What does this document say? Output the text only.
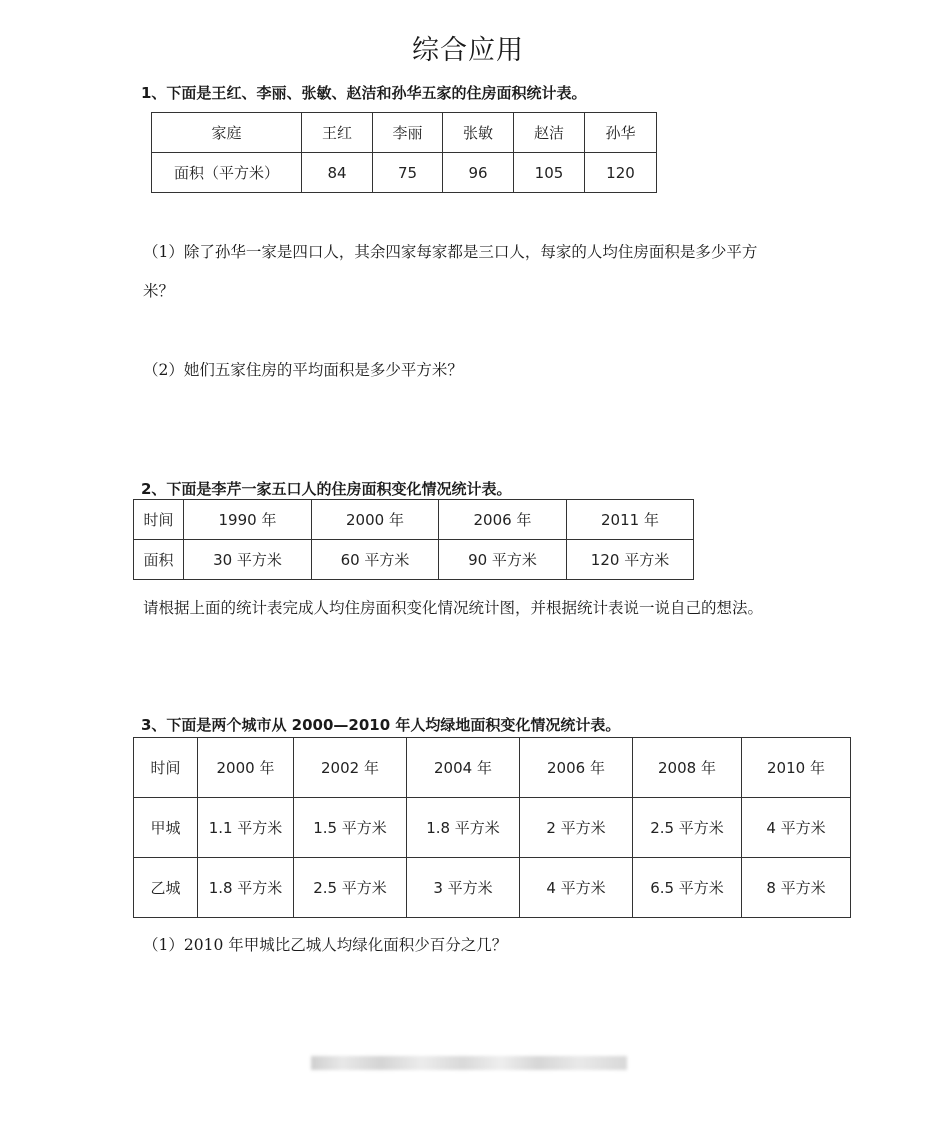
综合应用
1、下面是王红、李丽、张敏、赵洁和孙华五家的住房面积统计表。
家庭	王红	李丽	张敏	赵洁	孙华
面积（平方米）	84	75	96	105	120
（1）除了孙华一家是四口人，其余四家每家都是三口人，每家的人均住房面积是多少平方
米？
（2）她们五家住房的平均面积是多少平方米？
2、下面是李芹一家五口人的住房面积变化情况统计表。
时间	1990 年	2000 年	2006 年	2011 年
面积	30 平方米	60 平方米	90 平方米	120 平方米
请根据上面的统计表完成人均住房面积变化情况统计图，并根据统计表说一说自己的想法。
3、下面是两个城市从 2000—2010 年人均绿地面积变化情况统计表。
时间	2000 年	2002 年	2004 年	2006 年	2008 年	2010 年
甲城	1.1 平方米	1.5 平方米	1.8 平方米	2 平方米	2.5 平方米	4 平方米
乙城	1.8 平方米	2.5 平方米	3 平方米	4 平方米	6.5 平方米	8 平方米
（1）2010 年甲城比乙城人均绿化面积少百分之几？
